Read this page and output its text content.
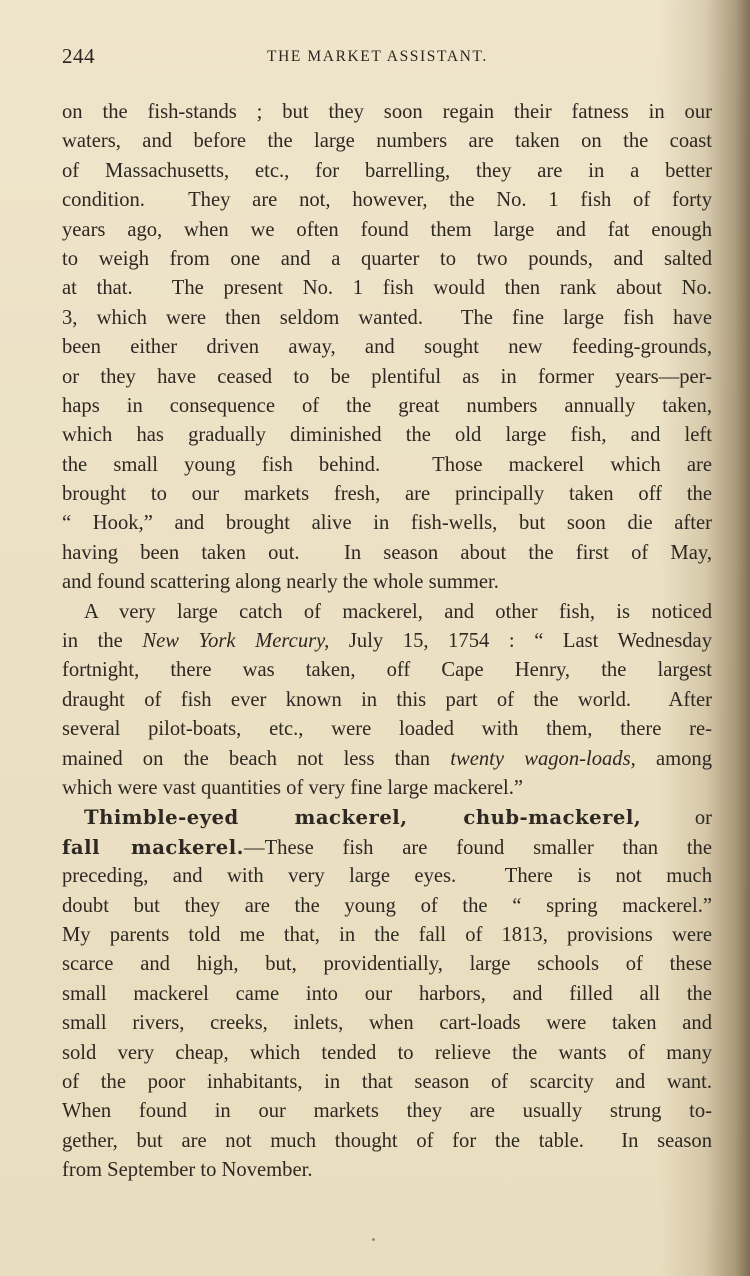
244	THE MARKET ASSISTANT.
on the fish-stands ; but they soon regain their fatness in our
waters, and before the large numbers are taken on the coast
of Massachusetts, etc., for barrelling, they are in a better
condition.  They are not, however, the No. 1 fish of forty
years ago, when we often found them large and fat enough
to weigh from one and a quarter to two pounds, and salted
at that.  The present No. 1 fish would then rank about No.
3, which were then seldom wanted.  The fine large fish have
been either driven away, and sought new feeding-grounds,
or they have ceased to be plentiful as in former years—per-
haps in consequence of the great numbers annually taken,
which has gradually diminished the old large fish, and left
the small young fish behind.  Those mackerel which are
brought to our markets fresh, are principally taken off the
“ Hook,” and brought alive in fish-wells, but soon die after
having been taken out.  In season about the first of May,
and found scattering along nearly the whole summer.
A very large catch of mackerel, and other fish, is noticed
in the New York Mercury, July 15, 1754 : “ Last Wednesday
fortnight, there was taken, off Cape Henry, the largest
draught of fish ever known in this part of the world.  After
several pilot-boats, etc., were loaded with them, there re-
mained on the beach not less than twenty wagon-loads, among
which were vast quantities of very fine large mackerel.”
Thimble-eyed mackerel, chub-mackerel, or
fall mackerel.—These fish are found smaller than the
preceding, and with very large eyes.  There is not much
doubt but they are the young of the “ spring mackerel.”
My parents told me that, in the fall of 1813, provisions were
scarce and high, but, providentially, large schools of these
small mackerel came into our harbors, and filled all the
small rivers, creeks, inlets, when cart-loads were taken and
sold very cheap, which tended to relieve the wants of many
of the poor inhabitants, in that season of scarcity and want.
When found in our markets they are usually strung to-
gether, but are not much thought of for the table.  In season
from September to November.
